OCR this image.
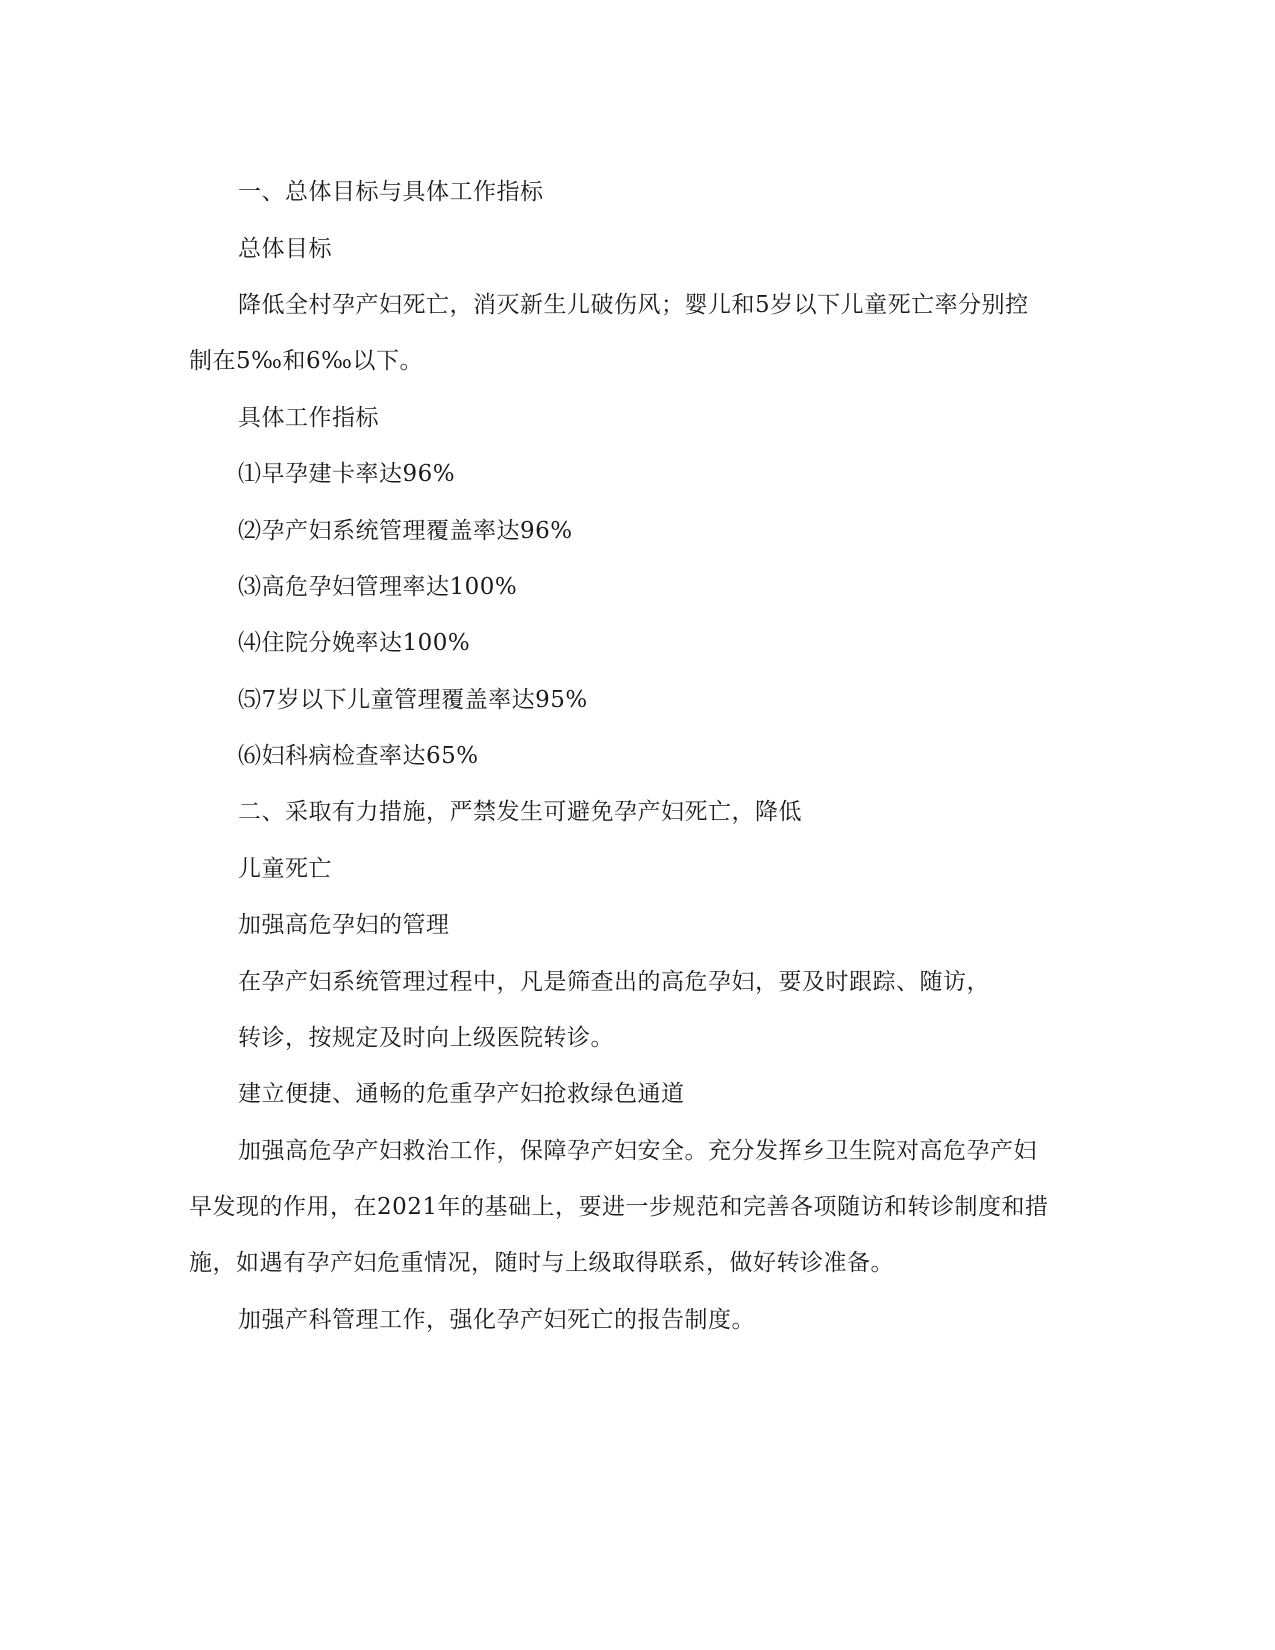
一、总体目标与具体工作指标
总体目标
降低全村孕产妇死亡，消灭新生儿破伤风；婴儿和5岁以下儿童死亡率分别控
制在5‰和6‰以下。
具体工作指标
⑴早孕建卡率达96%
⑵孕产妇系统管理覆盖率达96%
⑶高危孕妇管理率达100%
⑷住院分娩率达100%
⑸7岁以下儿童管理覆盖率达95%
⑹妇科病检查率达65%
二、采取有力措施，严禁发生可避免孕产妇死亡，降低
儿童死亡
加强高危孕妇的管理
在孕产妇系统管理过程中，凡是筛查出的高危孕妇，要及时跟踪、随访，
转诊，按规定及时向上级医院转诊。
建立便捷、通畅的危重孕产妇抢救绿色通道
加强高危孕产妇救治工作，保障孕产妇安全。充分发挥乡卫生院对高危孕产妇
早发现的作用，在2021年的基础上，要进一步规范和完善各项随访和转诊制度和措
施，如遇有孕产妇危重情况，随时与上级取得联系，做好转诊准备。
加强产科管理工作，强化孕产妇死亡的报告制度。
